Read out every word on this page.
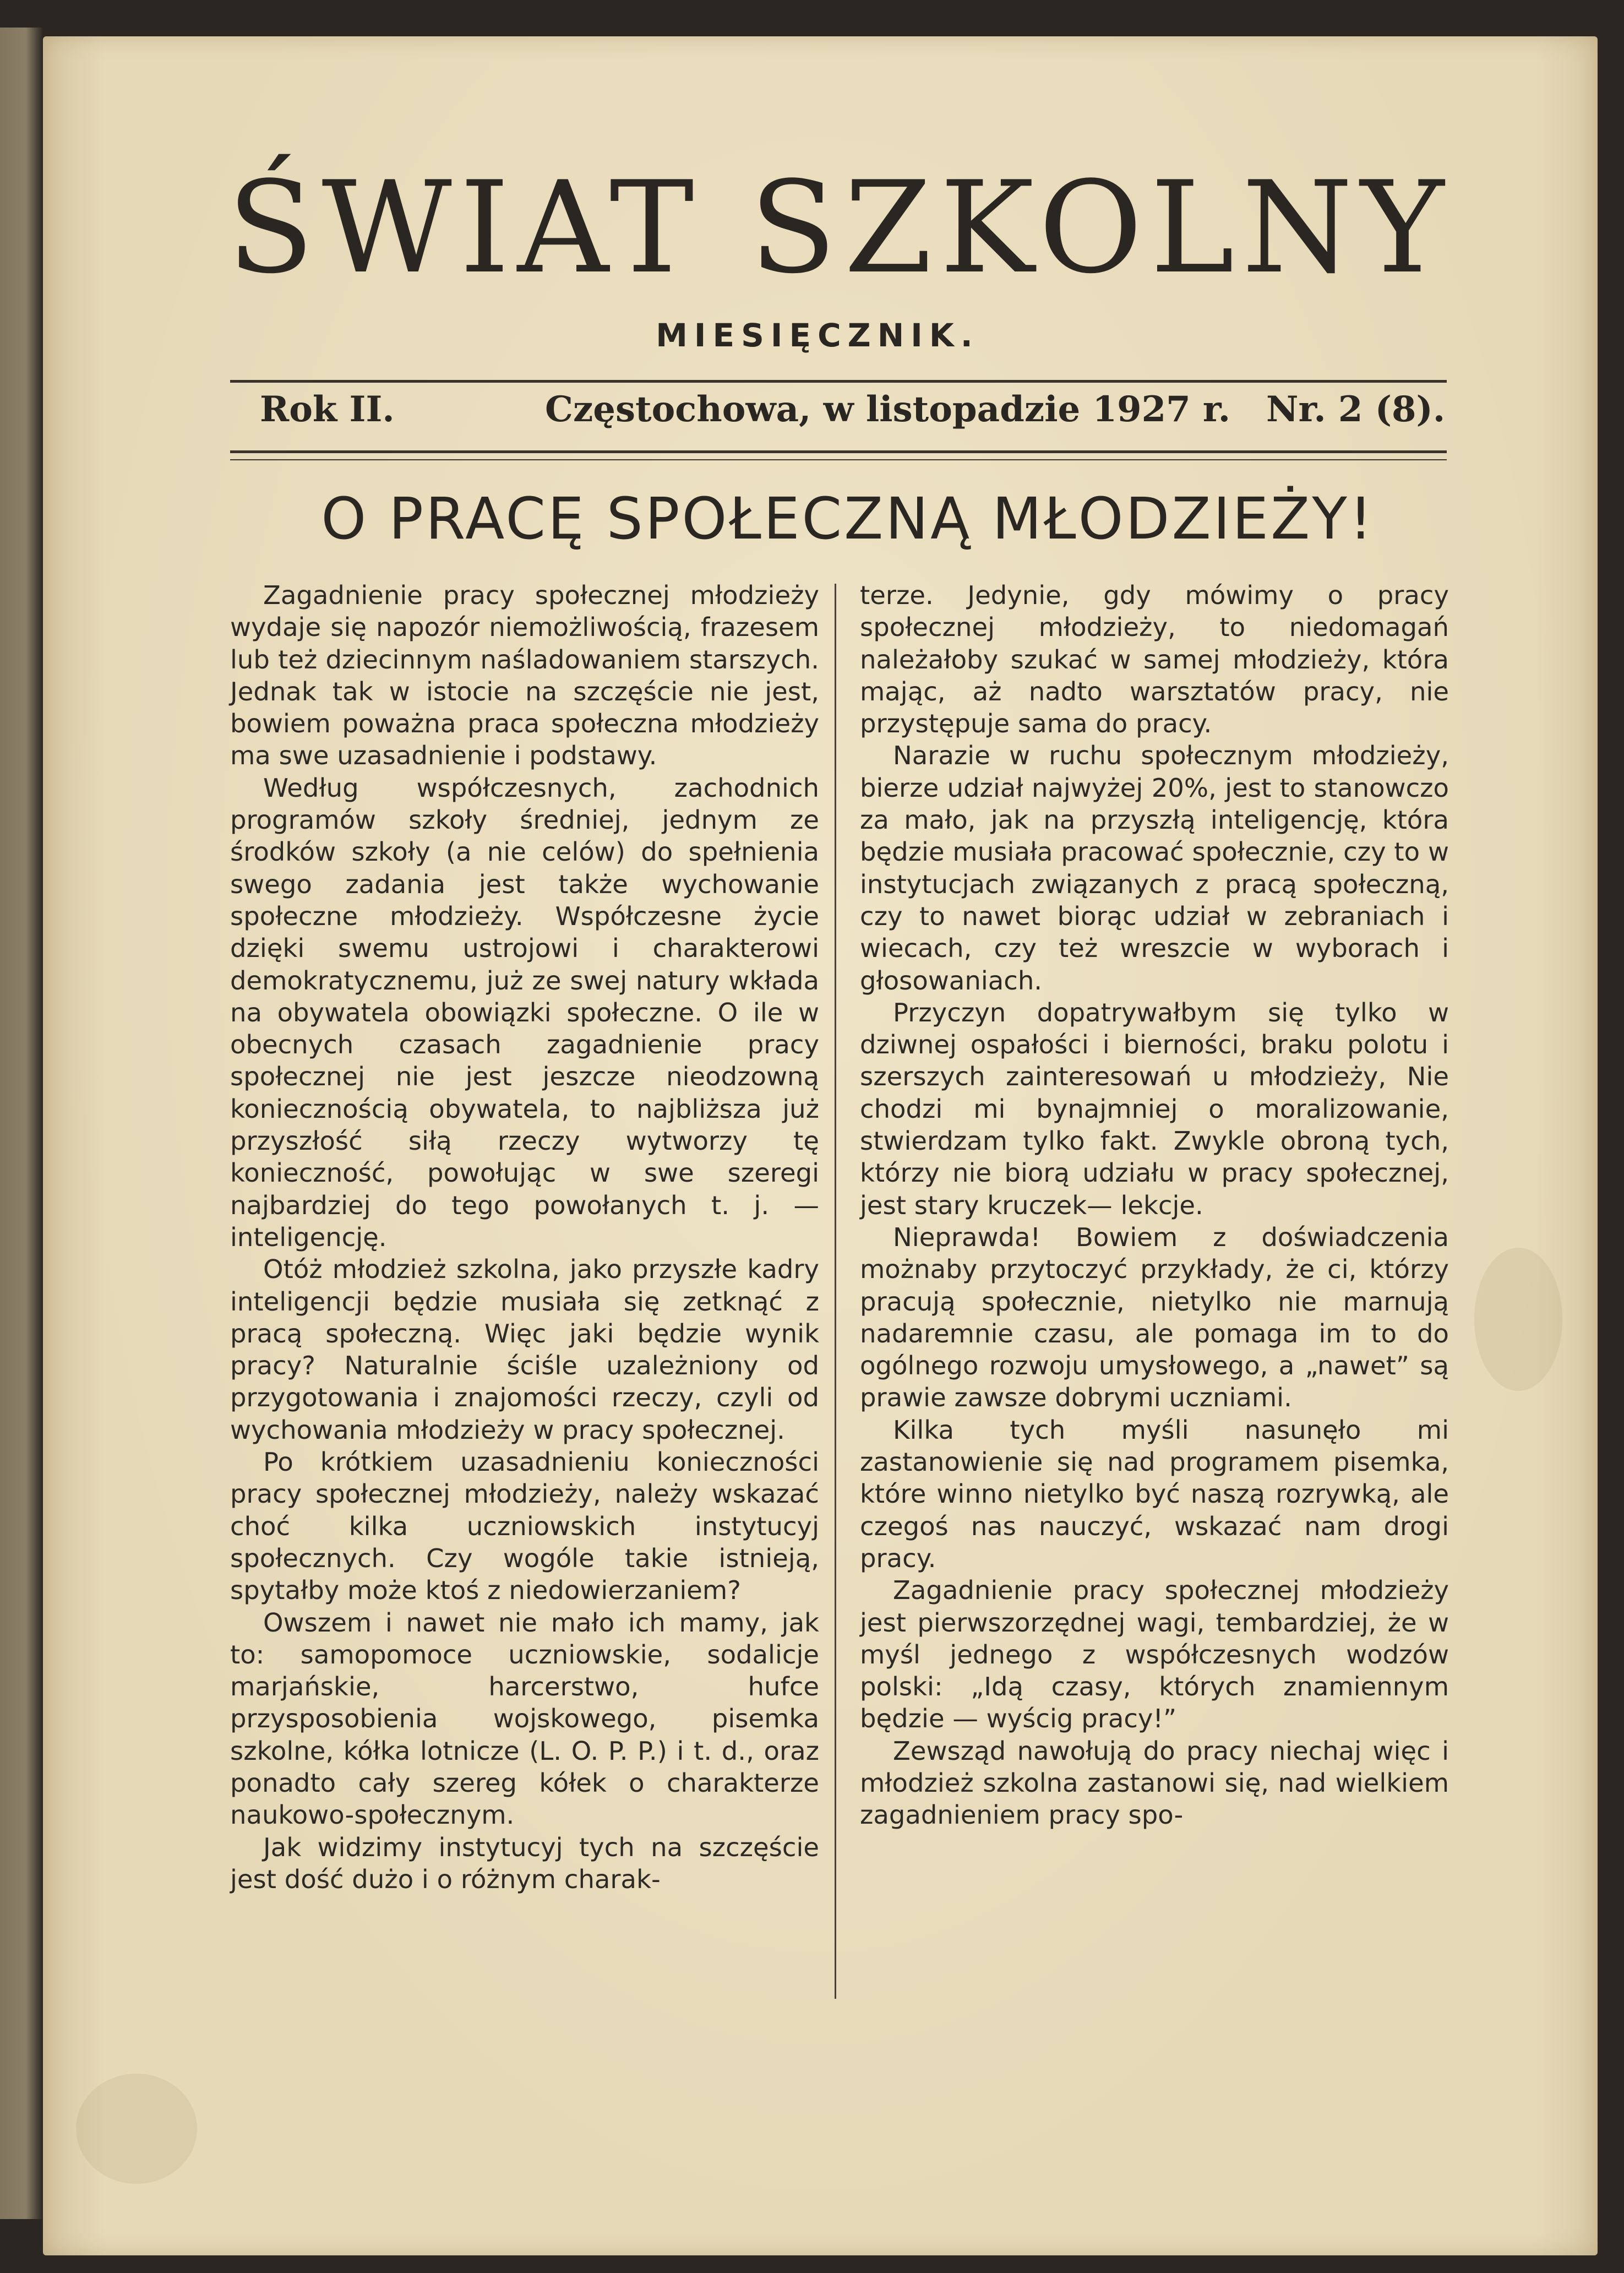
ŚWIAT SZKOLNY
MIESIĘCZNIK.
Rok II.	Częstochowa, w listopadzie 1927 r. Nr. 2 (8).
O PRACĘ SPOŁECZNĄ MŁODZIEŻY!

Zagadnienie pracy społecznej młodzieży wydaje się napozór niemożliwością, frazesem lub też dziecinnym naśladowaniem starszych. Jednak tak w istocie na szczęście nie jest, bowiem poważna praca społeczna młodzieży ma swe uzasadnienie i podstawy.

Według współczesnych, zachodnich programów szkoły średniej, jednym ze środków szkoły (a nie celów) do spełnienia swego zadania jest także wychowanie społeczne młodzieży. Współczesne życie dzięki swemu ustrojowi i charakterowi demokratycznemu, już ze swej natury wkłada na obywatela obowiązki społeczne. O ile w obecnych czasach zagadnienie pracy społecznej nie jest jeszcze nieodzowną koniecznością obywatela, to najbliższa już przyszłość siłą rzeczy wytworzy tę konieczność, powołując w swe szeregi najbardziej do tego powołanych t. j. — inteligencję.

Otóż młodzież szkolna, jako przyszłe kadry inteligencji będzie musiała się zetknąć z pracą społeczną. Więc jaki będzie wynik pracy? Naturalnie ściśle uzależniony od przygotowania i znajomości rzeczy, czyli od wychowania młodzieży w pracy społecznej.

Po krótkiem uzasadnieniu konieczności pracy społecznej młodzieży, należy wskazać choć kilka uczniowskich instytucyj społecznych. Czy wogóle takie istnieją, spytałby może ktoś z niedowierzaniem?

Owszem i nawet nie mało ich mamy, jak to: samopomoce uczniowskie, sodalicje marjańskie, harcerstwo, hufce przysposobienia wojskowego, pisemka szkolne, kółka lotnicze (L. O. P. P.) i t. d., oraz ponadto cały szereg kółek o charakterze naukowo-społecznym.

Jak widzimy instytucyj tych na szczęście jest dość dużo i o różnym charak-

terze. Jedynie, gdy mówimy o pracy społecznej młodzieży, to niedomagań należałoby szukać w samej młodzieży, która mając, aż nadto warsztatów pracy, nie przystępuje sama do pracy.

Narazie w ruchu społecznym młodzieży, bierze udział najwyżej 20%, jest to stanowczo za mało, jak na przyszłą inteligencję, która będzie musiała pracować społecznie, czy to w instytucjach związanych z pracą społeczną, czy to nawet biorąc udział w zebraniach i wiecach, czy też wreszcie w wyborach i głosowaniach.

Przyczyn dopatrywałbym się tylko w dziwnej ospałości i bierności, braku polotu i szerszych zainteresowań u młodzieży, Nie chodzi mi bynajmniej o moralizowanie, stwierdzam tylko fakt. Zwykle obroną tych, którzy nie biorą udziału w pracy społecznej, jest stary kruczek— lekcje.

Nieprawda! Bowiem z doświadczenia możnaby przytoczyć przykłady, że ci, którzy pracują społecznie, nietylko nie marnują nadaremnie czasu, ale pomaga im to do ogólnego rozwoju umysłowego, a „nawet” są prawie zawsze dobrymi uczniami.

Kilka tych myśli nasunęło mi zastanowienie się nad programem pisemka, które winno nietylko być naszą rozrywką, ale czegoś nas nauczyć, wskazać nam drogi pracy.

Zagadnienie pracy społecznej młodzieży jest pierwszorzędnej wagi, tembardziej, że w myśl jednego z współczesnych wodzów polski: „Idą czasy, których znamiennym będzie — wyścig pracy!”

Zewsząd nawołują do pracy niechaj więc i młodzież szkolna zastanowi się, nad wielkiem zagadnieniem pracy spo-
